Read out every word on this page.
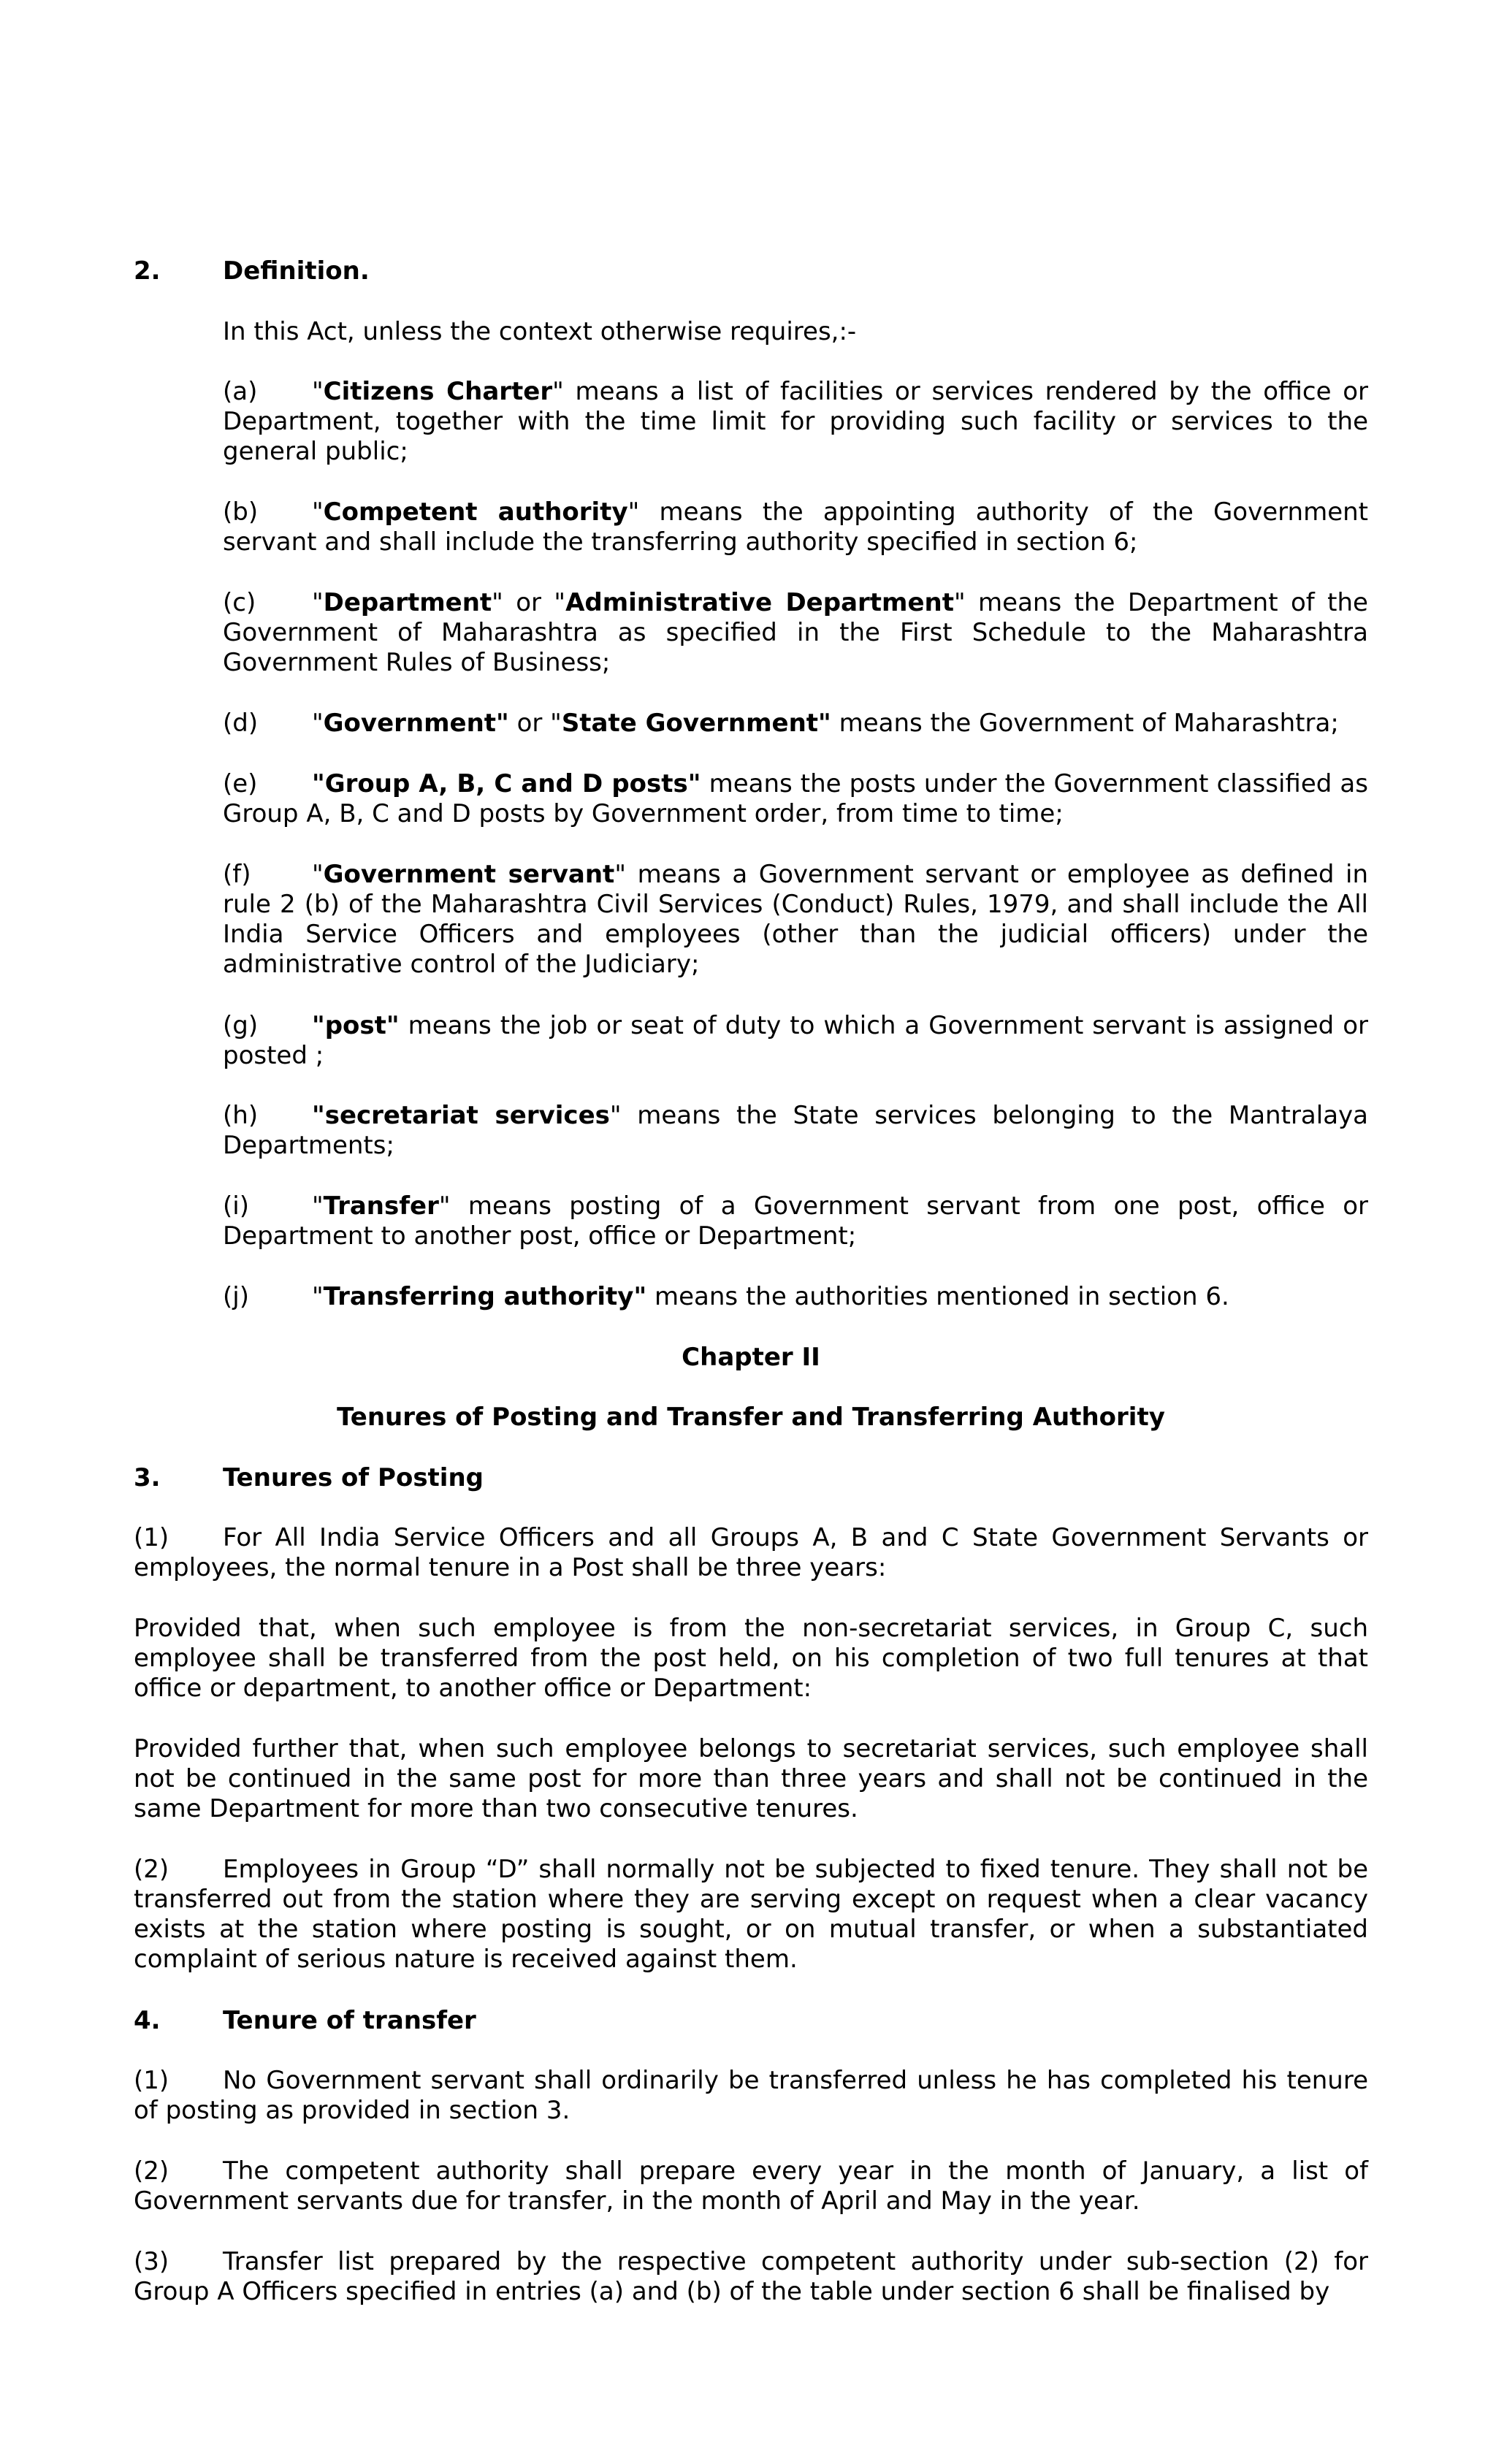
2.	Definition.
In this Act, unless the context otherwise requires,:-
(a) "Citizens Charter" means a list of facilities or services rendered by the office or Department, together with the time limit for providing such facility or services to the general public;
(b) "Competent authority" means the appointing authority of the Government servant and shall include the transferring authority specified in section 6;
(c) "Department" or "Administrative Department" means the Department of the Government of Maharashtra as specified in the First Schedule to the Maharashtra Government Rules of Business;
(d) "Government" or "State Government" means the Government of Maharashtra;
(e) "Group A, B, C and D posts" means the posts under the Government classified as Group A, B, C and D posts by Government order, from time to time;
(f) "Government servant" means a Government servant or employee as defined in rule 2 (b) of the Maharashtra Civil Services (Conduct) Rules, 1979, and shall include the All India Service Officers and employees (other than the judicial officers) under the administrative control of the Judiciary;
(g) "post" means the job or seat of duty to which a Government servant is assigned or posted ;
(h) "secretariat services" means the State services belonging to the Mantralaya Departments;
(i)	"Transfer" means posting of a Government servant from one post, office or Department to another post, office or Department;
(j)	"Transferring authority" means the authorities mentioned in section 6.
Chapter II
Tenures of Posting and Transfer and Transferring Authority
3.	Tenures of Posting
(1) For All India Service Officers and all Groups A, B and C State Government Servants or employees, the normal tenure in a Post shall be three years:
Provided that, when such employee is from the non-secretariat services, in Group C, such employee shall be transferred from the post held, on his completion of two full tenures at that office or department, to another office or Department:
Provided further that, when such employee belongs to secretariat services, such employee shall not be continued in the same post for more than three years and shall not be continued in the same Department for more than two consecutive tenures.
(2) Employees in Group “D” shall normally not be subjected to fixed tenure. They shall not be transferred out from the station where they are serving except on request when a clear vacancy exists at the station where posting is sought, or on mutual transfer, or when a substantiated complaint of serious nature is received against them.
4.	Tenure of transfer
(1) No Government servant shall ordinarily be transferred unless he has completed his tenure of posting as provided in section 3.
(2) The competent authority shall prepare every year in the month of January, a list of Government servants due for transfer, in the month of April and May in the year.
(3) Transfer list prepared by the respective competent authority under sub-section (2) for Group A Officers specified in entries (a) and (b) of the table under section 6 shall be finalised by
